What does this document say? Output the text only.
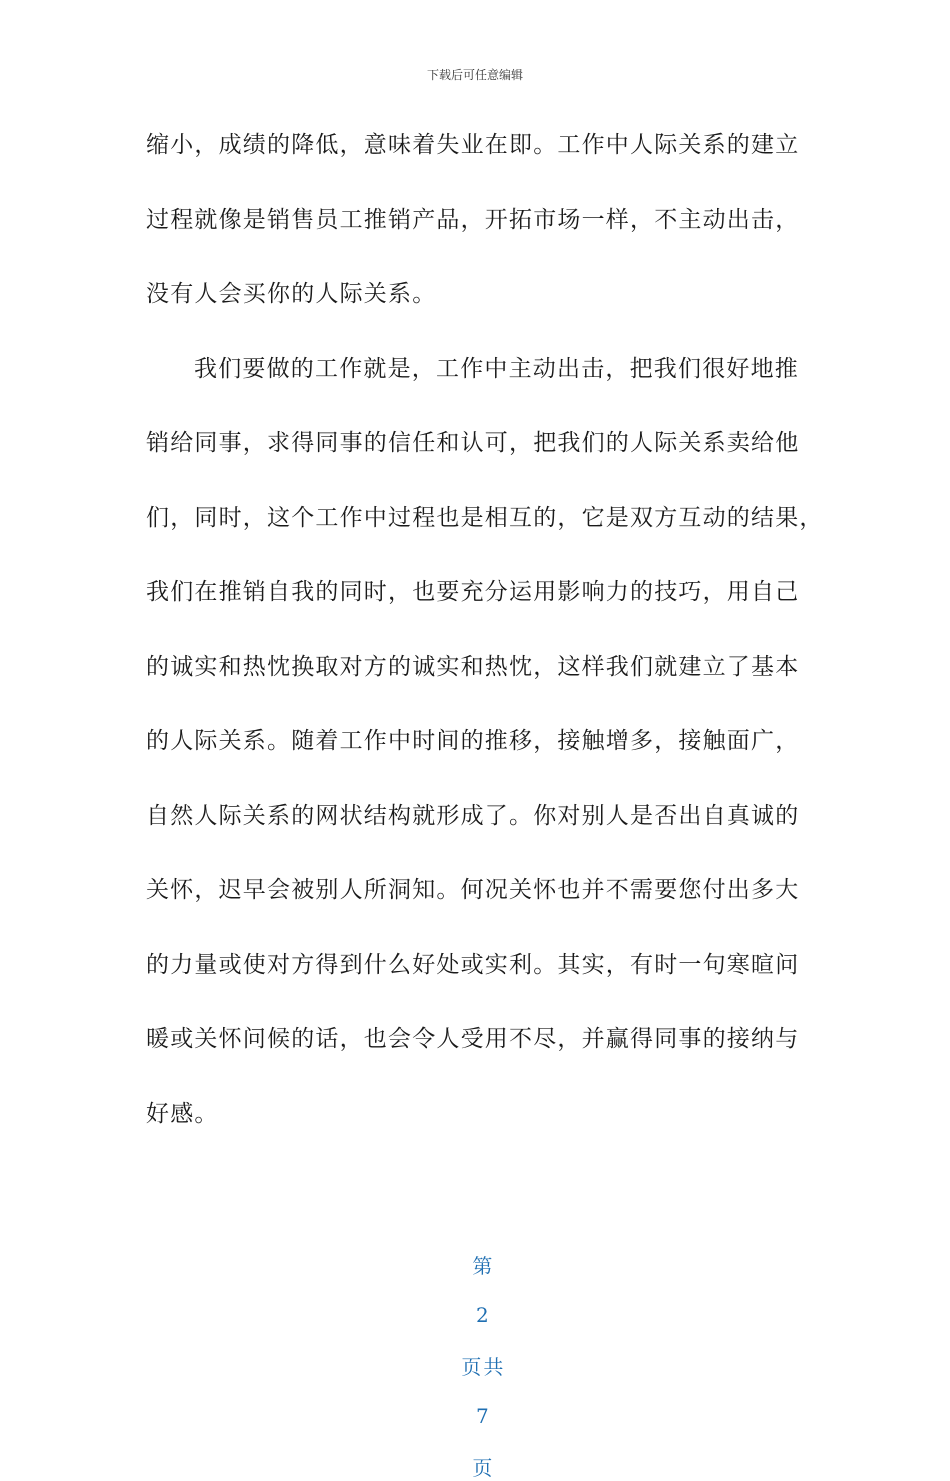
下载后可任意编辑
缩小，成绩的降低，意味着失业在即。工作中人际关系的建立
过程就像是销售员工推销产品，开拓市场一样，不主动出击，
没有人会买你的人际关系。
我们要做的工作就是，工作中主动出击，把我们很好地推
销给同事，求得同事的信任和认可，把我们的人际关系卖给他
们，同时，这个工作中过程也是相互的，它是双方互动的结果，
我们在推销自我的同时，也要充分运用影响力的技巧，用自己
的诚实和热忱换取对方的诚实和热忱，这样我们就建立了基本
的人际关系。随着工作中时间的推移，接触增多，接触面广，
自然人际关系的网状结构就形成了。你对别人是否出自真诚的
关怀，迟早会被别人所洞知。何况关怀也并不需要您付出多大
的力量或使对方得到什么好处或实利。其实，有时一句寒暄问
暖或关怀问候的话，也会令人受用不尽，并赢得同事的接纳与
好感。

第

2

页共

7

页
